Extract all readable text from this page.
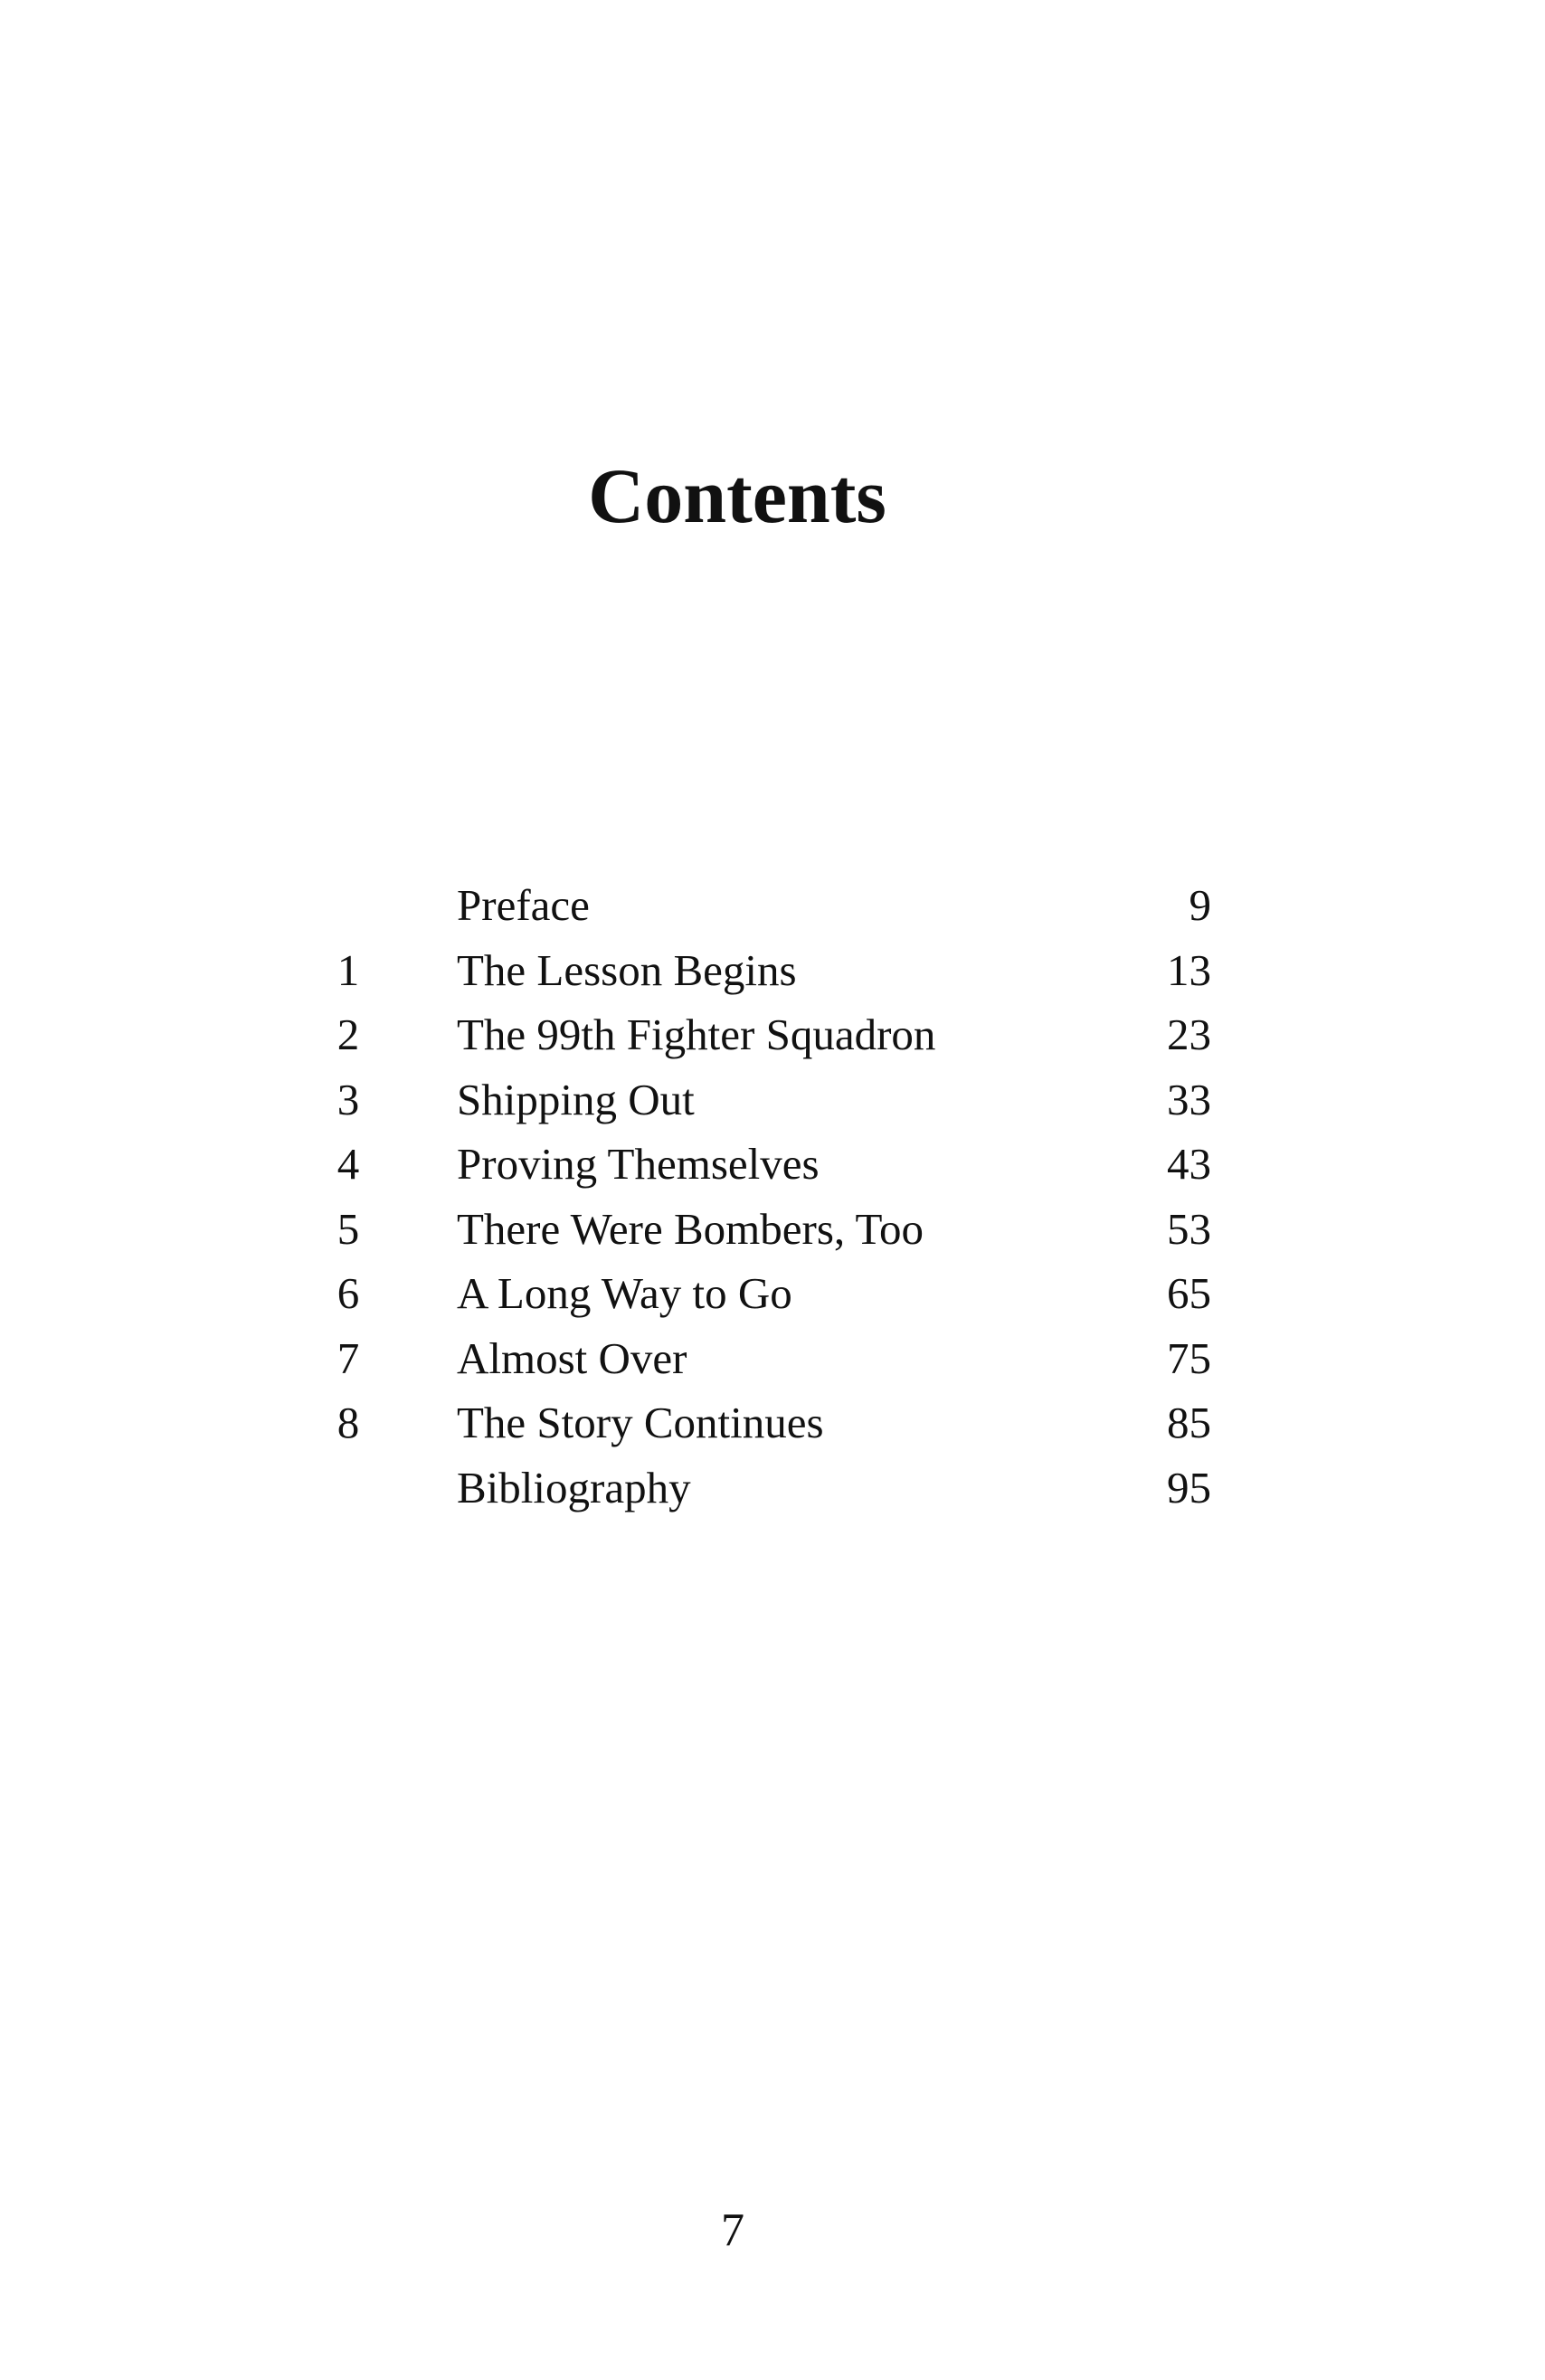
Contents
Preface	9
1	The Lesson Begins	13
2	The 99th Fighter Squadron	23
3	Shipping Out	33
4	Proving Themselves	43
5	There Were Bombers, Too	53
6	A Long Way to Go	65
7	Almost Over	75
8	The Story Continues	85
Bibliography	95
7
